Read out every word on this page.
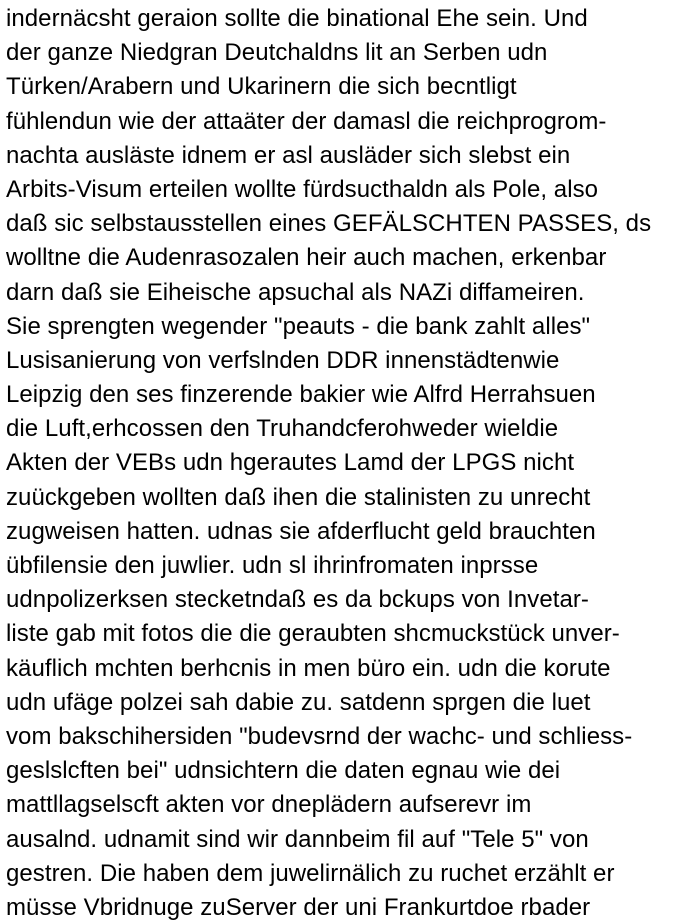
indernäcsht geraion sollte die binational Ehe sein. Und
der ganze Niedgran Deutchaldns lit an Serben udn
Türken/Arabern und Ukarinern die sich becntligt
fühlendun wie der attaäter der damasl die reichprogrom-
nachta ausläste idnem er asl ausläder sich slebst ein
Arbits-Visum erteilen wollte fürdsucthaldn als Pole, also
daß sic selbstausstellen eines GEFÄLSCHTEN PASSES, ds
wolltne die Audenrasozalen heir auch machen, erkenbar
darn daß sie Eiheische apsuchal als NAZi diffameiren.
Sie sprengten wegender "peauts - die bank zahlt alles"
Lusisanierung von verfslnden DDR innenstädtenwie
Leipzig den ses finzerende bakier wie Alfrd Herrahsuen
die Luft,erhcossen den Truhandcferohweder wieldie
Akten der VEBs udn hgerautes Lamd der LPGS nicht
zuückgeben wollten daß ihen die stalinisten zu unrecht
zugweisen hatten. udnas sie afderflucht geld brauchten
übfilensie den juwlier. udn sl ihrinfromaten inprsse
udnpolizerksen stecketndaß es da bckups von Invetar-
liste gab mit fotos die die geraubten shcmuckstück unver-
käuflich mchten berhcnis in men büro ein. udn die korute
udn ufäge polzei sah dabie zu. satdenn sprgen die luet
vom bakschihersiden "budevsrnd der wachc- und schliess-
geslslcften bei" udnsichtern die daten egnau wie dei
mattllagselscft akten vor dneplädern aufserevr im
ausalnd. udnamit sind wir dannbeim fil auf "Tele 5" von
gestren. Die haben dem juwelirnälich zu ruchet erzählt er
müsse Vbridnuge zuServer der uni Frankurtdoe rbader
